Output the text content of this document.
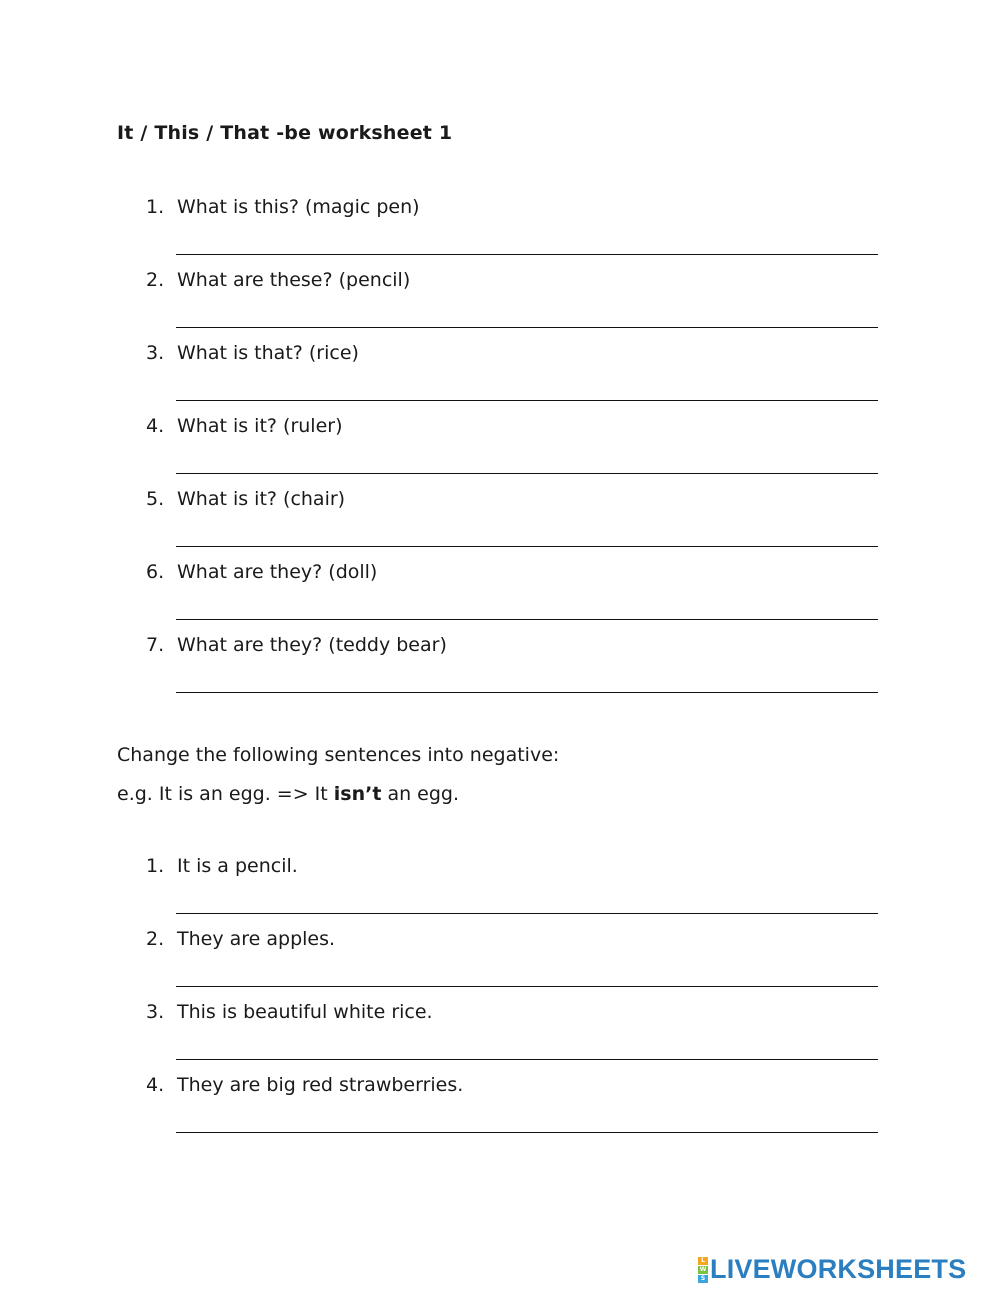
It / This / That -be worksheet 1
1. What is this? (magic pen)
2. What are these? (pencil)
3. What is that? (rice)
4. What is it? (ruler)
5. What is it? (chair)
6. What are they? (doll)
7. What are they? (teddy bear)
Change the following sentences into negative:
e.g. It is an egg. => It isn’t an egg.
1. It is a pencil.
2. They are apples.
3. This is beautiful white rice.
4. They are big red strawberries.
L
W
S LIVEWORKSHEETS
